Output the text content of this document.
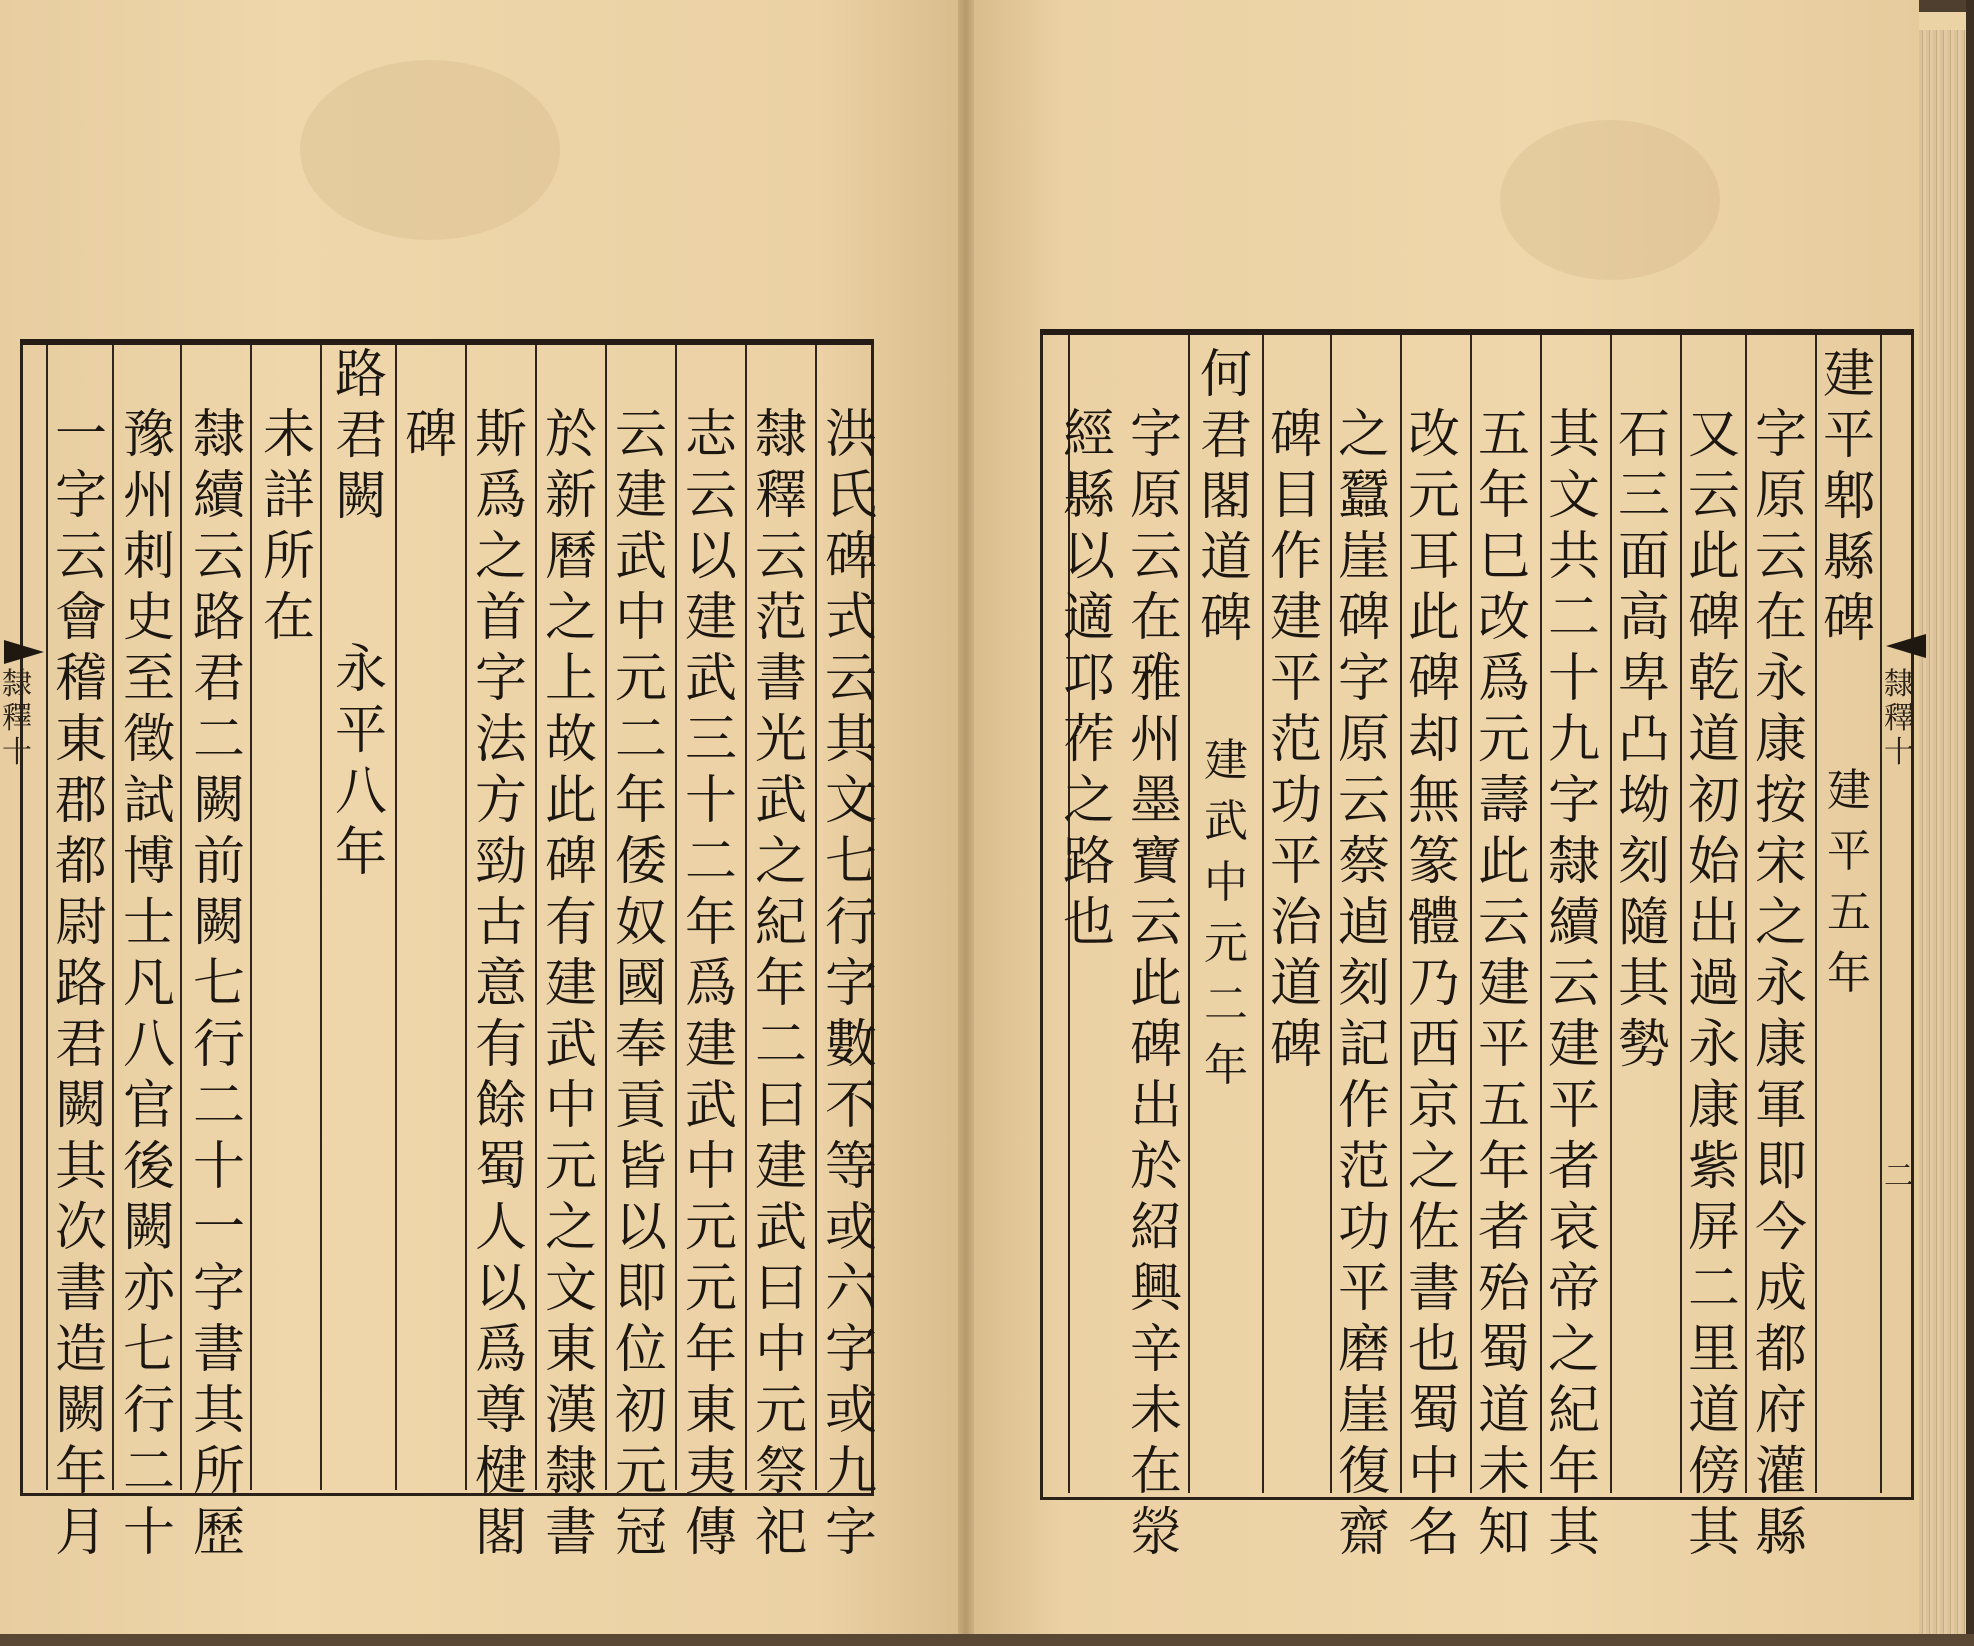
隸釋十
洪氏碑式云其文七行字數不等或六字或九字
隸釋云范書光武之紀年二曰建武曰中元祭祀
志云以建武三十二年爲建武中元元年東夷傳
云建武中元二年倭奴國奉貢皆以即位初元冠
於新曆之上故此碑有建武中元之文東漢隸書
斯爲之首字法方勁古意有餘蜀人以爲尊楗閣
碑
永平八年
路君闕
未詳所在
隸續云路君二闕前闕七行二十一字書其所歷
豫州刺史至徵試博士凡八官後闕亦七行二十
一字云會稽東郡都尉路君闕其次書造闕年月
隸釋十
二
建平郫縣碑
建平五年
字原云在永康按宋之永康軍即今成都府灌縣
又云此碑乾道初始出過永康紫屏二里道傍其
石三面高卑凸坳刻隨其勢
其文共二十九字隸續云建平者哀帝之紀年其
五年巳改爲元壽此云建平五年者殆蜀道未知
改元耳此碑却無篆體乃西京之佐書也蜀中名
之蠶崖碑字原云蔡逌刻記作范功平磨崖復齋
碑目作建平范功平治道碑
何君閣道碑
建武中元二年
字原云在雅州墨寶云此碑出於紹興辛未在滎
經縣以適邛莋之路也
